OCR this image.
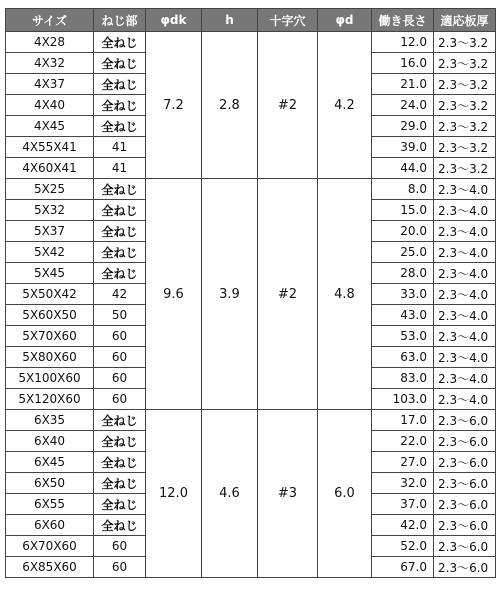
サイズ	ねじ部	φdk	h	十字穴	φd	働き長さ	適応板厚
4X28	全ねじ	7.2	2.8	#2	4.2	12.0	2.3～3.2
4X32	全ねじ					16.0	2.3～3.2
4X37	全ねじ					21.0	2.3～3.2
4X40	全ねじ					24.0	2.3～3.2
4X45	全ねじ					29.0	2.3～3.2
4X55X41	41					39.0	2.3～3.2
4X60X41	41					44.0	2.3～3.2
5X25	全ねじ	9.6	3.9	#2	4.8	8.0	2.3～4.0
5X32	全ねじ					15.0	2.3～4.0
5X37	全ねじ					20.0	2.3～4.0
5X42	全ねじ					25.0	2.3～4.0
5X45	全ねじ					28.0	2.3～4.0
5X50X42	42					33.0	2.3～4.0
5X60X50	50					43.0	2.3～4.0
5X70X60	60					53.0	2.3～4.0
5X80X60	60					63.0	2.3～4.0
5X100X60	60					83.0	2.3～4.0
5X120X60	60					103.0	2.3～4.0
6X35	全ねじ	12.0	4.6	#3	6.0	17.0	2.3～6.0
6X40	全ねじ					22.0	2.3～6.0
6X45	全ねじ					27.0	2.3～6.0
6X50	全ねじ					32.0	2.3～6.0
6X55	全ねじ					37.0	2.3～6.0
6X60	全ねじ					42.0	2.3～6.0
6X70X60	60					52.0	2.3～6.0
6X85X60	60					67.0	2.3～6.0
